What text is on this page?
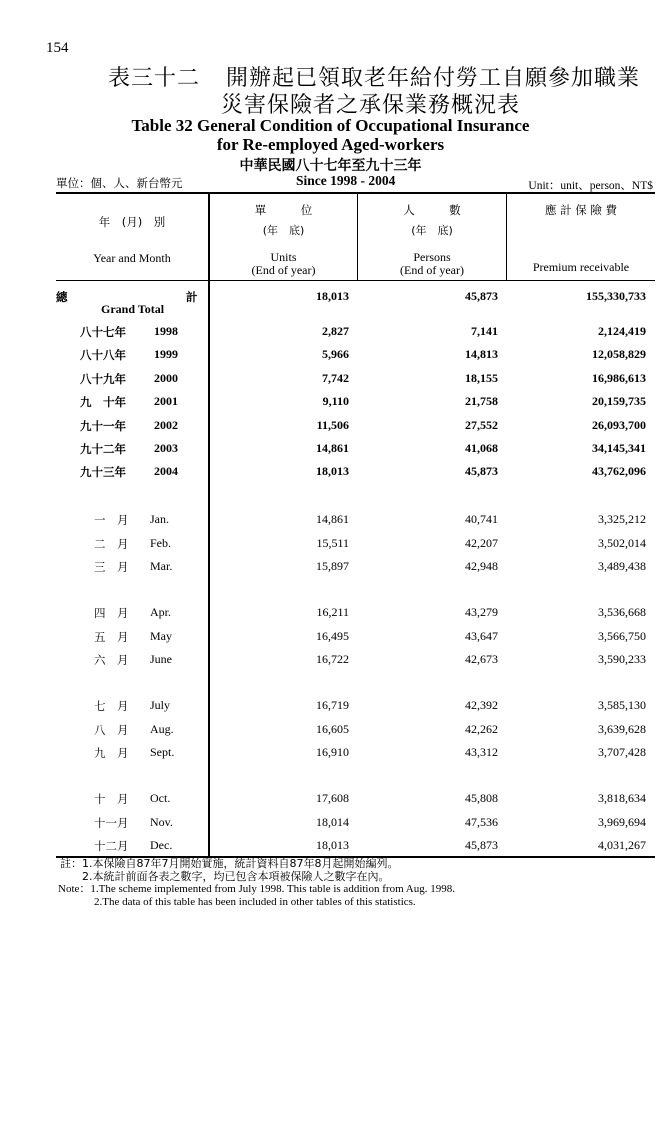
154
表三十二 開辦起已領取老年給付勞工自願參加職業
災害保險者之承保業務概況表
Table 32 General Condition of Occupational Insurance
for Re-employed Aged-workers
中華民國八十七年至九十三年
單位：個、人、新台幣元	Since 1998 - 2004	Unit：unit、person、NT$
年　(月)　別
Year and Month
單　　　位
(年　底)
Units
(End of year)
人　　　數
(年　底)
Persons
(End of year)
應 計 保 險 費
Premium receivable
總	計
Grand Total
18,013	45,873	155,330,733
八十七年 1998	2,827	7,141	2,124,419
八十八年 1999	5,966	14,813	12,058,829
八十九年 2000	7,742	18,155	16,986,613
九　十年 2001	9,110	21,758	20,159,735
九十一年 2002	11,506	27,552	26,093,700
九十二年 2003	14,861	41,068	34,145,341
九十三年 2004	18,013	45,873	43,762,096
一　月 Jan.	14,861	40,741	3,325,212
二　月 Feb.	15,511	42,207	3,502,014
三　月 Mar.	15,897	42,948	3,489,438
四　月 Apr.	16,211	43,279	3,536,668
五　月 May	16,495	43,647	3,566,750
六　月 June	16,722	42,673	3,590,233
七　月 July	16,719	42,392	3,585,130
八　月 Aug.	16,605	42,262	3,639,628
九　月 Sept.	16,910	43,312	3,707,428
十　月 Oct.	17,608	45,808	3,818,634
十一月 Nov.	18,014	47,536	3,969,694
十二月 Dec.	18,013	45,873	4,031,267
註：1.本保險自87年7月開始實施，統計資料自87年8月起開始編列。
2.本統計前面各表之數字，均已包含本項被保險人之數字在內。
Note：1.The scheme implemented from July 1998. This table is addition from Aug. 1998.
2.The data of this table has been included in other tables of this statistics.
